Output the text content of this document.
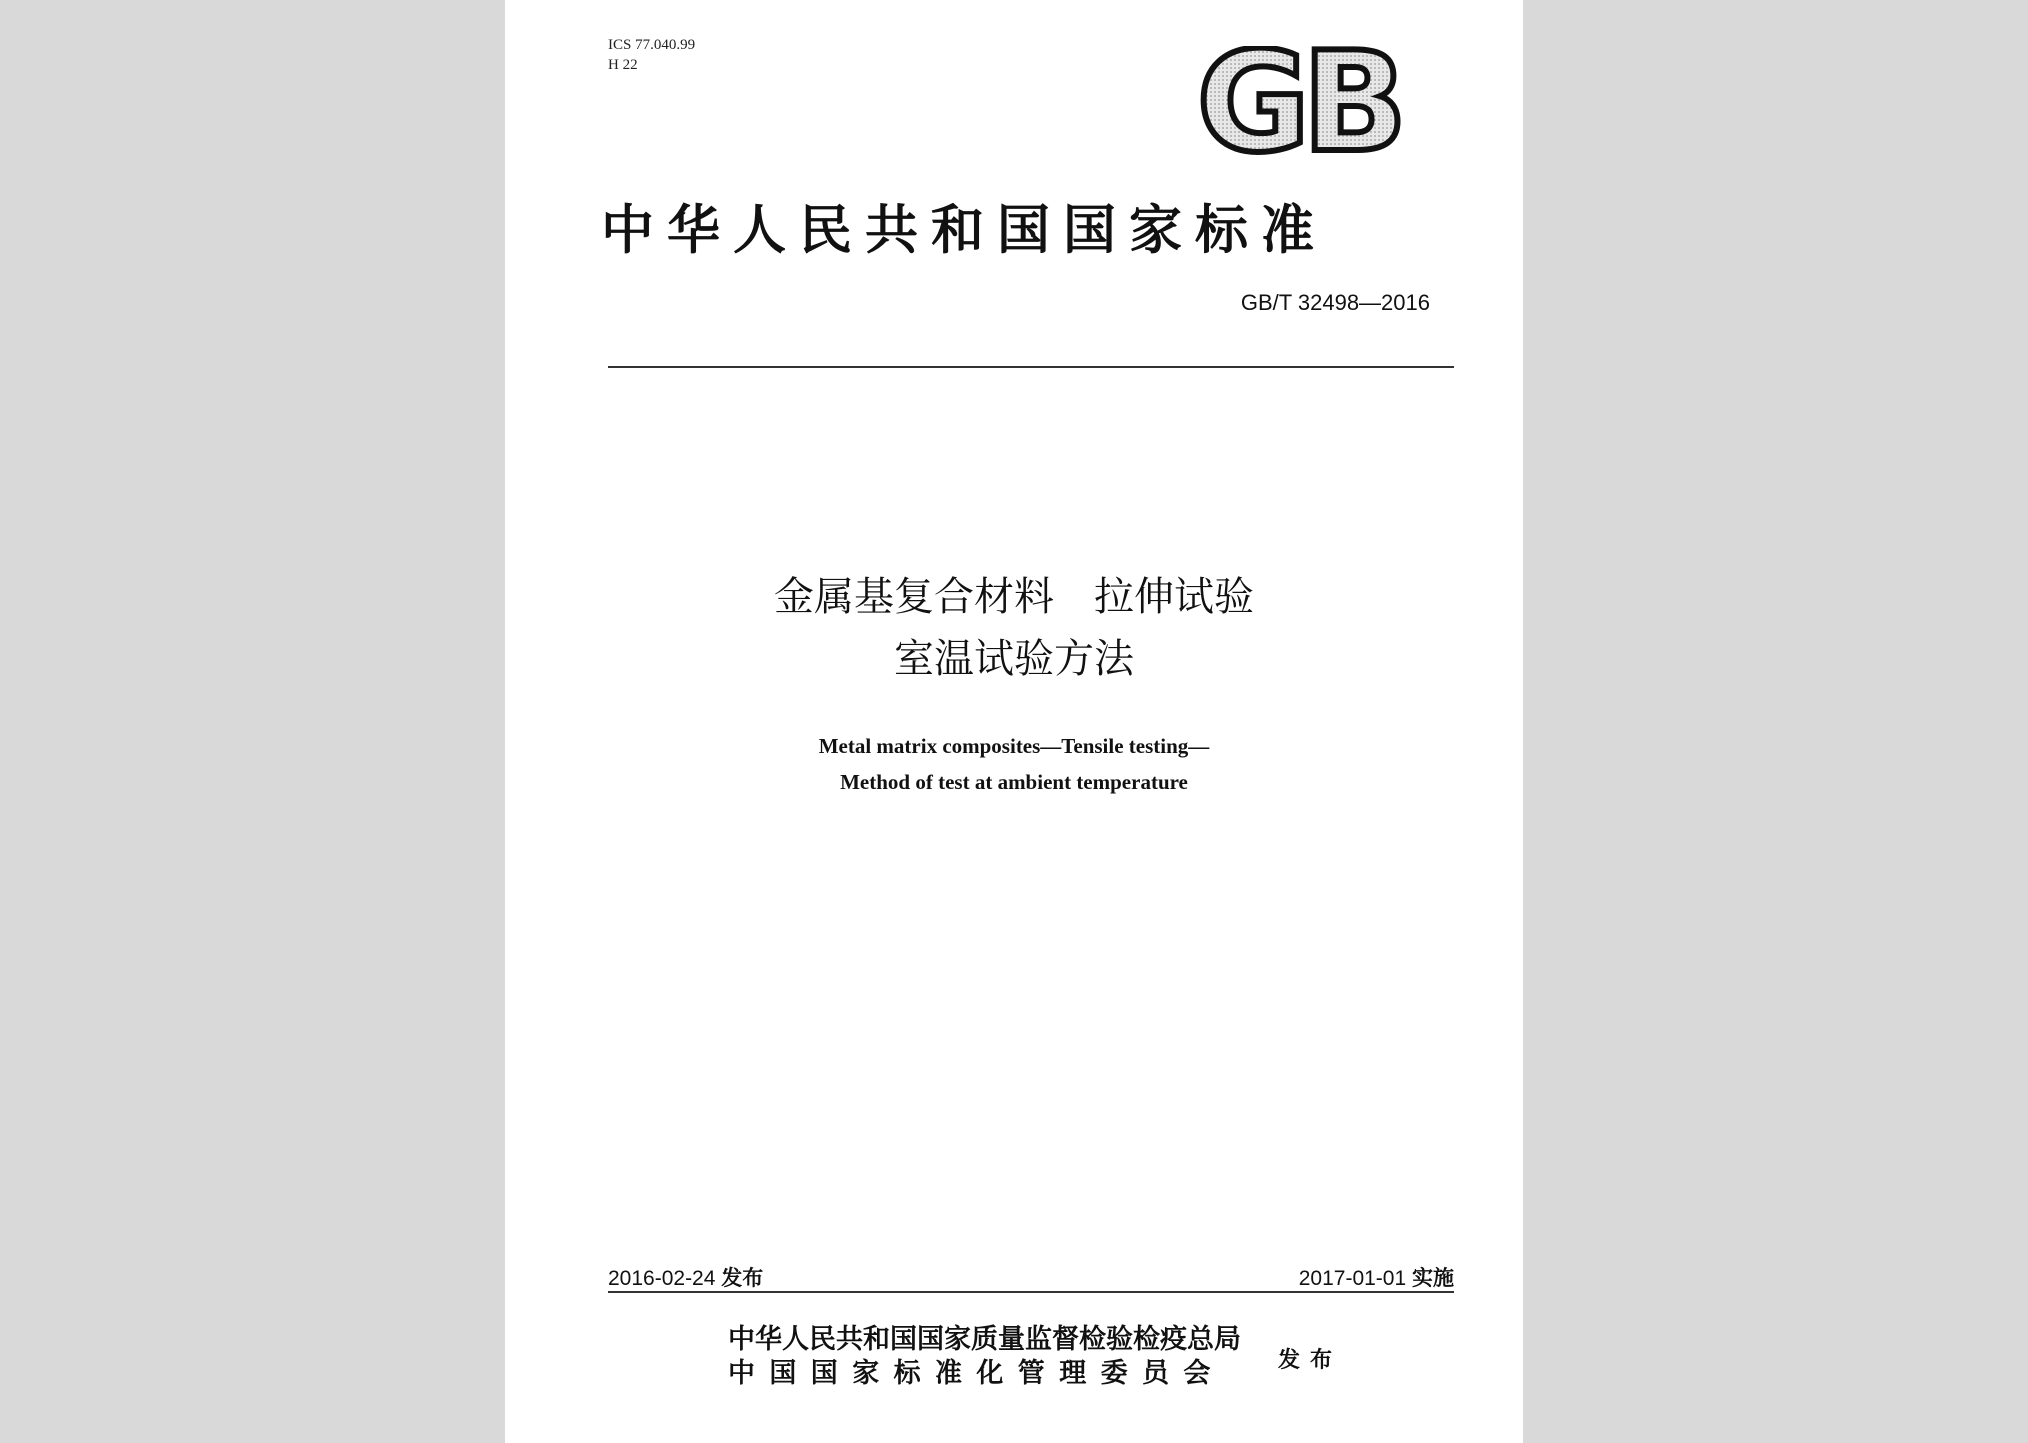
ICS 77.040.99
H 22	GB
中华人民共和国国家标准
GB/T 32498—2016
金属基复合材料　拉伸试验
室温试验方法
Metal matrix composites—Tensile testing—
Method of test at ambient temperature
2016-02-24 发布	2017-01-01 实施
中华人民共和国国家质量监督检验检疫总局
中国国家标准化管理委员会	发布
